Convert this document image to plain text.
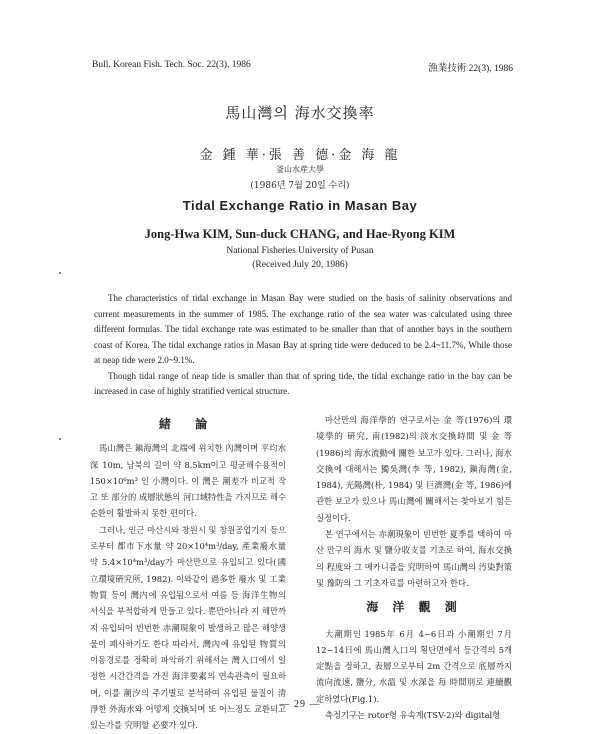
Bull. Korean Fish. Tech. Soc. 22(3), 1986	漁業技術 22(3), 1986
馬山灣의 海水交換率
金 鍾 華·張 善 德·金 海 龍
釜山水産大學
(1986년 7월 20일 수리)
Tidal Exchange Ratio in Masan Bay
Jong-Hwa KIM, Sun-duck CHANG, and Hae-Ryong KIM
National Fisheries University of Pusan
(Received July 20, 1986)

The characteristics of tidal exchange in Masan Bay were studied on the basis of salinity observations and current measurements in the summer of 1985. The exchange ratio of the sea water was calculated using three different formulas. The tidal exchange rate was estimated to be smaller than that of another bays in the southern coast of Korea. The tidal exchange ratios in Masan Bay at spring tide were deduced to be 2.4~11.7%, While those at neap tide were 2.0~9.1%.

Though tidal range of neap tide is smaller than that of spring tide, the tidal exchange ratio in the bay can be increased in case of highly stratified vertical structure.

緒 論

馬山灣은 鎭海灣의 北端에 위치한 內灣이며 平均水深 10m, 남북의 길이 약 8.5km이고 평균해수용적이 150×10⁶m³ 인 小灣이다. 이 灣은 潮差가 비교적 작고 또 部分的 成層狀態의 河口域特性을 가지므로 해수순환이 활발하지 못한 편이다.

그러나, 인근 마산시와 창원시 및 창원공업기지 등으로부터 都市下水量 약 20×10⁴m³/day, 產業廢水量 약 5.4×10⁴m³/day가 마산만으로 유입되고 있다(國立環境硏究所, 1982). 이와같이 過多한 廢水 및 工業物質 등이 灣内에 유입됨으로서 여름 등 海洋生物의 서식을 부적합하게 만들고 있다. 뿐만아니라 지 해만까지 유입되어 빈번한 赤潮現象이 발생하고 많은 해양생물이 폐사하기도 한다 따라서, 灣內에 유입된 物質의 이동경로를 정확히 파악하기 위해서는 灣入口에서 일정한 시간간격을 가진 海洋要素의 연속관측이 필요하며, 이를 潮汐의 주기별로 분석하여 유입된 물질이 淸淨한 外海水와 어떻게 交換되며 또 어느정도 교환되고 있는가를 究明할 必要가 있다.

마산만의 海洋學的 연구로서는 金 等(1976)의 環境學的 硏究, 南(1982)의 淡水交換時間 및 金 等(1986)의 海水流動에 關한 보고가 있다. 그러나, 海水交換에 대해서는 獨吳灣(李 等, 1982), 鎭海灣(金, 1984), 光陽灣(朴, 1984) 및 巨濟灣(金 等, 1986)에 관한 보고가 있으나 馬山灣에 關해서는 찾아보기 힘든 실정이다.

본 연구에서는 赤潮現象이 빈번한 夏季를 택하여 마산 만구의 海水 및 鹽分收支를 기초로 하여, 海水交換의 程度와 그 메카니즘을 究明하여 馬山灣의 汚染對策 및 豫防의 그 기초자료를 마련하고자 한다.

海 洋 觀 測

大潮期인 1985年 6月 4~6日과 小潮期인 7月 12~14日에 馬山灣入口의 횡단면에서 등간격의 5개 定點을 정하고, 表層으로부터 2m 간격으로 底層까지 流向流速, 鹽分, 水溫 및 水深을 每 時間別로 連續觀定하였다(Fig.1).

측정기구는 rotor형 유속계(TSV-2)와 digital형

— 29 —
